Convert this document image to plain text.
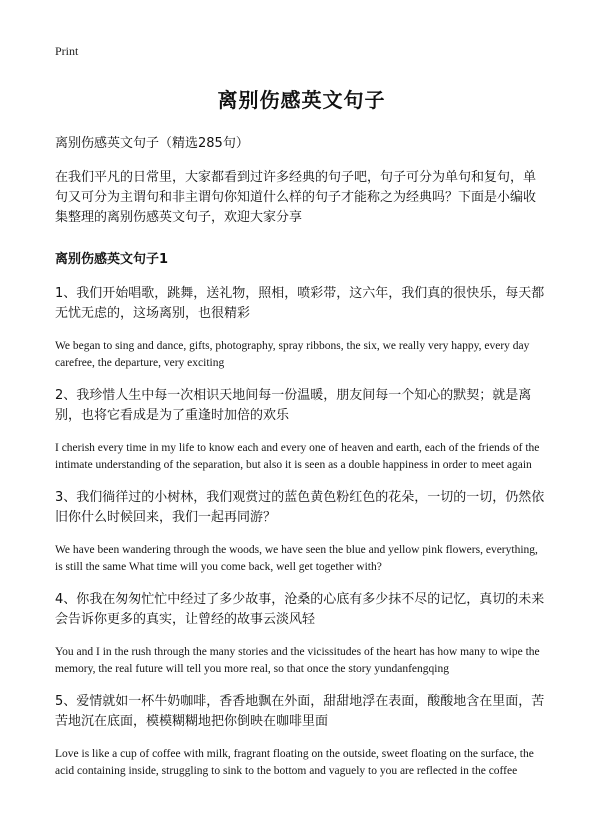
Print

离别伤感英文句子

离别伤感英文句子（精选285句）

在我们平凡的日常里，大家都看到过许多经典的句子吧，句子可分为单句和复句，单句又可分为主谓句和非主谓句你知道什么样的句子才能称之为经典吗？下面是小编收集整理的离别伤感英文句子，欢迎大家分享

离别伤感英文句子1

1、我们开始唱歌，跳舞，送礼物，照相，喷彩带，这六年，我们真的很快乐，每天都无忧无虑的，这场离别，也很精彩

We began to sing and dance, gifts, photography, spray ribbons, the six, we really very happy, every day carefree, the departure, very exciting

2、我珍惜人生中每一次相识天地间每一份温暖，朋友间每一个知心的默契；就是离别，也将它看成是为了重逢时加倍的欢乐

I cherish every time in my life to know each and every one of heaven and earth, each of the friends of the intimate understanding of the separation, but also it is seen as a double happiness in order to meet again

3、我们徜徉过的小树林，我们观赏过的蓝色黄色粉红色的花朵，一切的一切，仍然依旧你什么时候回来，我们一起再同游？

We have been wandering through the woods, we have seen the blue and yellow pink flowers, everything, is still the same What time will you come back, well get together with?

4、你我在匆匆忙忙中经过了多少故事，沧桑的心底有多少抹不尽的记忆，真切的未来会告诉你更多的真实，让曾经的故事云淡风轻

You and I in the rush through the many stories and the vicissitudes of the heart has how many to wipe the memory, the real future will tell you more real, so that once the story yundanfengqing

5、爱情就如一杯牛奶咖啡，香香地飘在外面，甜甜地浮在表面，酸酸地含在里面，苦苦地沉在底面，模模糊糊地把你倒映在咖啡里面

Love is like a cup of coffee with milk, fragrant floating on the outside, sweet floating on the surface, the acid containing inside, struggling to sink to the bottom and vaguely to you are reflected in the coffee
